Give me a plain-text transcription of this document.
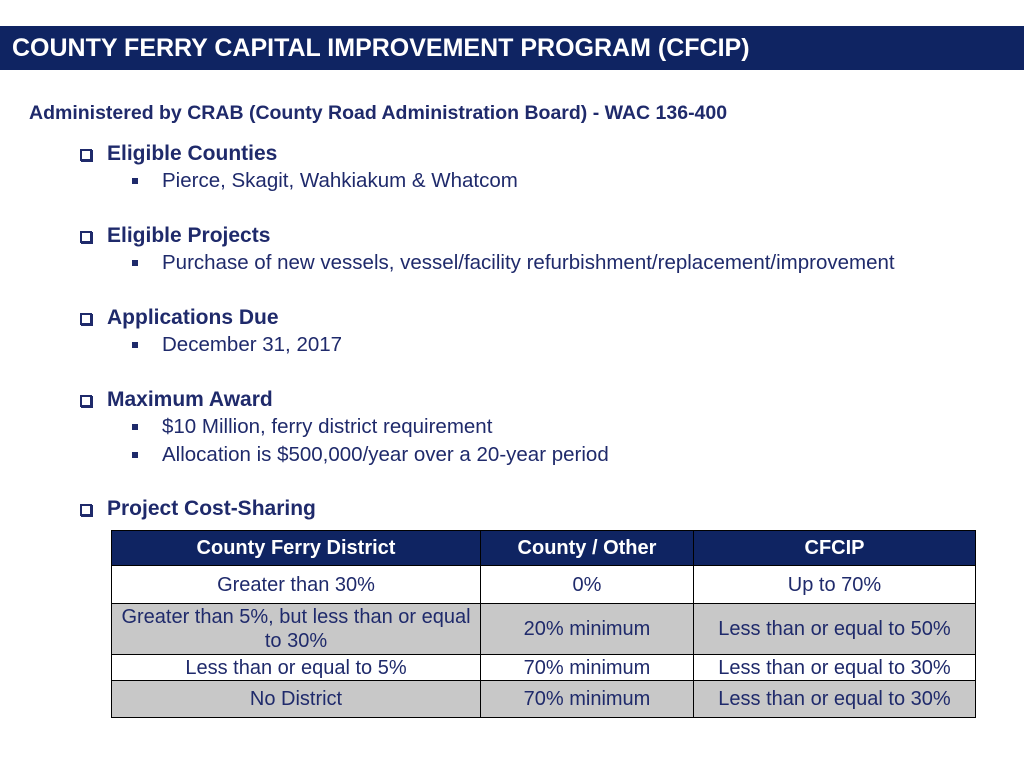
COUNTY FERRY CAPITAL IMPROVEMENT PROGRAM (CFCIP)
Administered by CRAB (County Road Administration Board) - WAC 136-400
Eligible Counties
Pierce, Skagit, Wahkiakum & Whatcom
Eligible Projects
Purchase of new vessels, vessel/facility refurbishment/replacement/improvement
Applications Due
December 31, 2017
Maximum Award
$10 Million, ferry district requirement
Allocation is $500,000/year over a 20-year period
Project Cost-Sharing
County Ferry District	County / Other	CFCIP
Greater than 30%	0%	Up to 70%
Greater than 5%, but less than or equal to 30%	20% minimum	Less than or equal to 50%
Less than or equal to 5%	70% minimum	Less than or equal to 30%
No District	70% minimum	Less than or equal to 30%
